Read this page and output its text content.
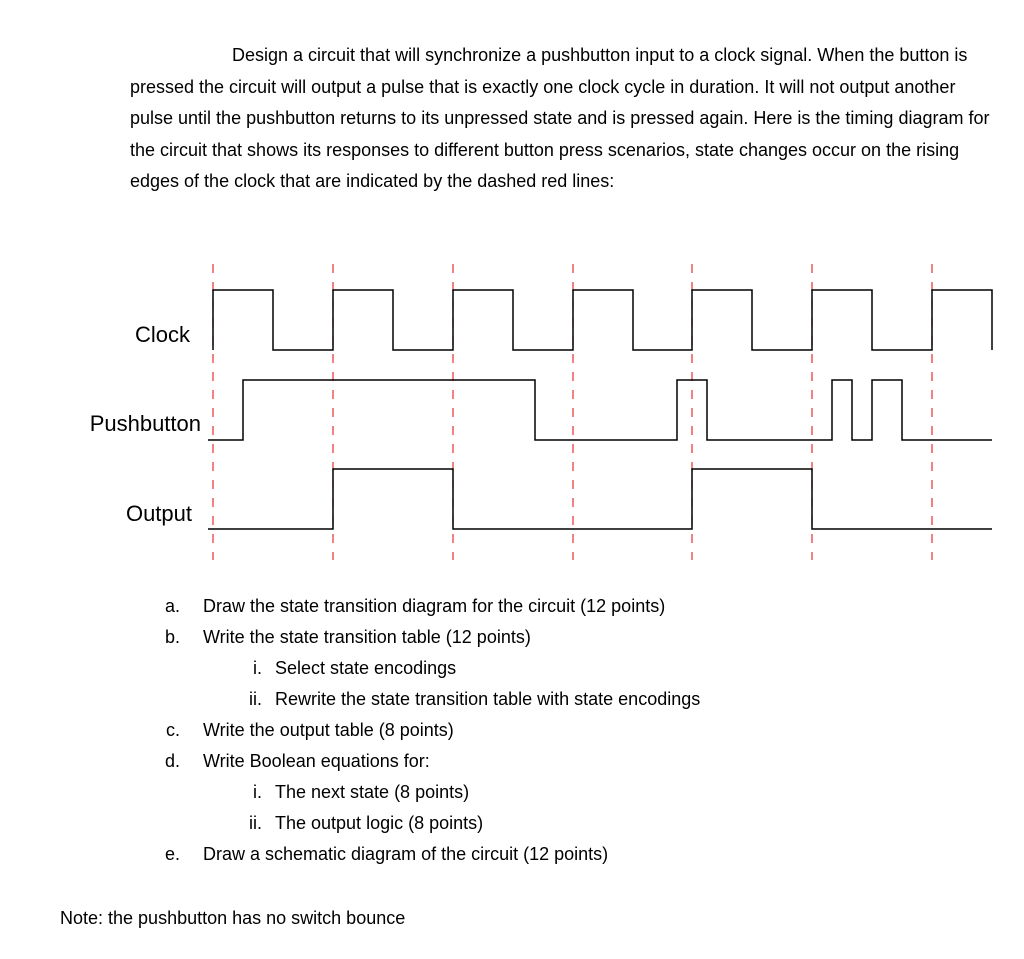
Design a circuit that will synchronize a pushbutton input to a clock signal. When the button is pressed the circuit will output a pulse that is exactly one clock cycle in duration. It will not output another pulse until the pushbutton returns to its unpressed state and is pressed again. Here is the timing diagram for the circuit that shows its responses to different button press scenarios, state changes occur on the rising edges of the clock that are indicated by the dashed red lines:

Clock
Pushbutton
Output
a. Draw the state transition diagram for the circuit (12 points)
b. Write the state transition table (12 points)
i. Select state encodings
ii. Rewrite the state transition table with state encodings
c. Write the output table (8 points)
d. Write Boolean equations for:
i. The next state (8 points)
ii. The output logic (8 points)
e. Draw a schematic diagram of the circuit (12 points)

Note: the pushbutton has no switch bounce
